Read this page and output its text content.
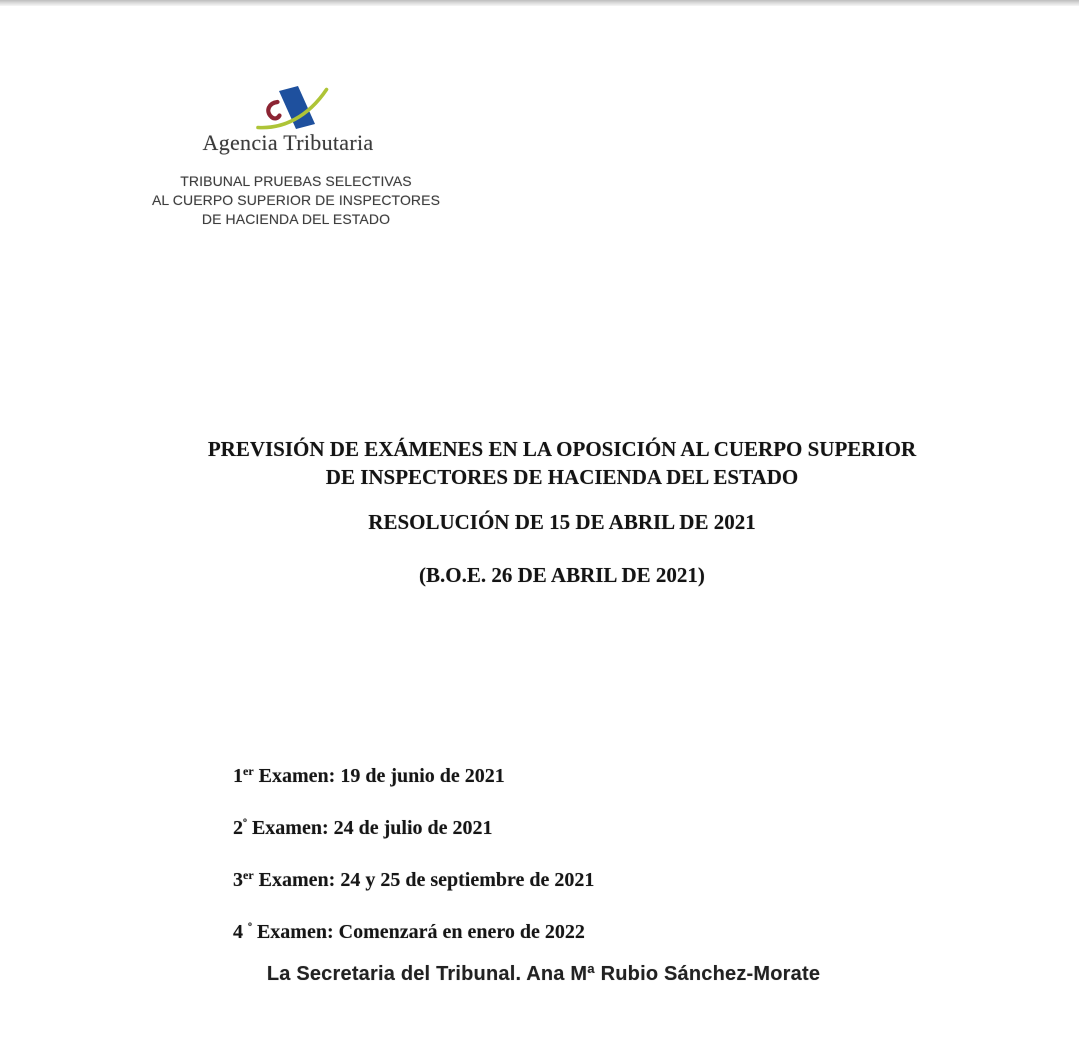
Agencia Tributaria
TRIBUNAL PRUEBAS SELECTIVAS
AL CUERPO SUPERIOR DE INSPECTORES
DE HACIENDA DEL ESTADO
PREVISIÓN DE EXÁMENES EN LA OPOSICIÓN AL CUERPO SUPERIOR
DE INSPECTORES DE HACIENDA DEL ESTADO
RESOLUCIÓN DE 15 DE ABRIL DE 2021
(B.O.E. 26 DE ABRIL DE 2021)

1er Examen: 19 de junio de 2021

$2^º$ Examen: 24 de julio de 2021

3er Examen: 24 y 25 de septiembre de 2021

4 $^º$ Examen: Comenzará en enero de 2022

La Secretaria del Tribunal. Ana Mª Rubio Sánchez-Morate
